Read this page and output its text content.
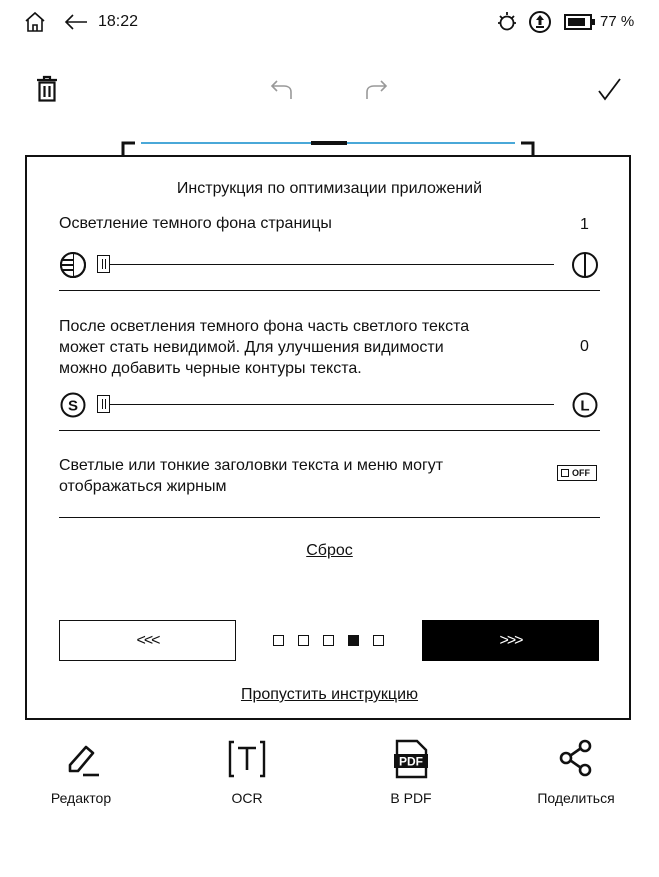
18:22	77 %
Инструкция по оптимизации приложений
Осветление темного фона страницы	1
После осветления темного фона часть светлого текста
может стать невидимой. Для улучшения видимости
можно добавить черные контуры текста.
0
S	L
Светлые или тонкие заголовки текста и меню могут
отображаться жирным
OFF
Сброс
<<<	>>>
Пропустить инструкцию
Редактор	OCR
PDF
В PDF	Поделиться
